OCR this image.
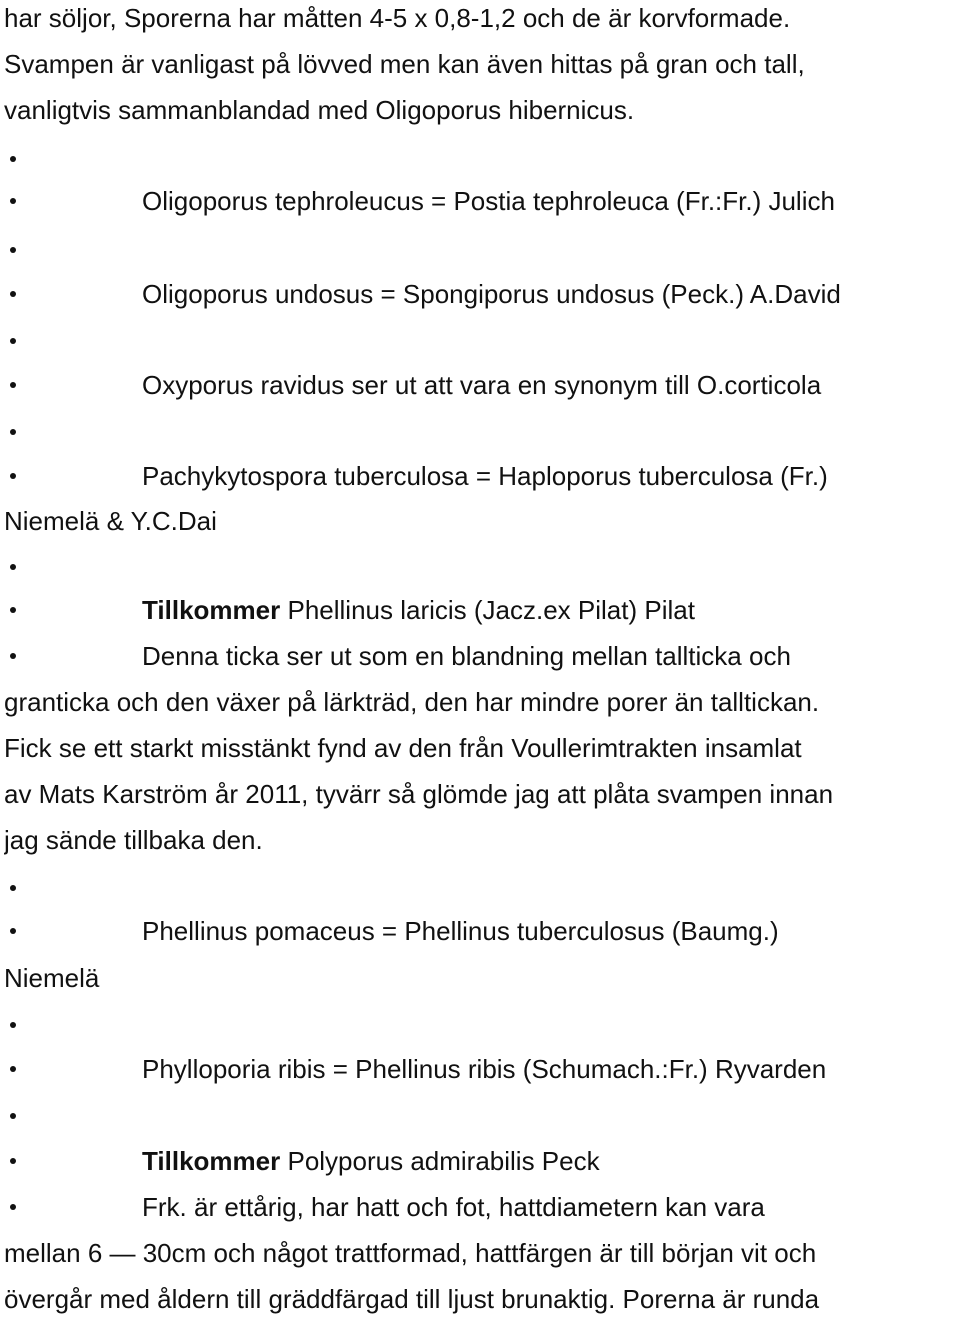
har söljor, Sporerna har måtten 4-5 x 0,8-1,2 och de är korvformade.
Svampen är vanligast på lövved men kan även hittas på gran och tall,
vanligtvis sammanblandad med Oligoporus hibernicus.
Oligoporus tephroleucus = Postia tephroleuca (Fr.:Fr.) Julich
Oligoporus undosus = Spongiporus undosus (Peck.) A.David
Oxyporus ravidus ser ut att vara en synonym till O.corticola
Pachykytospora tuberculosa = Haploporus tuberculosa (Fr.)
Niemelä & Y.C.Dai
Tillkommer Phellinus laricis (Jacz.ex Pilat) Pilat
Denna ticka ser ut som en blandning mellan tallticka och
granticka och den växer på lärkträd, den har mindre porer än talltickan.
Fick se ett starkt misstänkt fynd av den från Voullerimtrakten insamlat
av Mats Karström år 2011, tyvärr så glömde jag att plåta svampen innan
jag sände tillbaka den.
Phellinus pomaceus = Phellinus tuberculosus (Baumg.)
Niemelä
Phylloporia ribis = Phellinus ribis (Schumach.:Fr.) Ryvarden
Tillkommer Polyporus admirabilis Peck
Frk. är ettårig, har hatt och fot, hattdiametern kan vara
mellan 6 — 30cm och något trattformad, hattfärgen är till början vit och
övergår med åldern till gräddfärgad till ljust brunaktig. Porerna är runda
